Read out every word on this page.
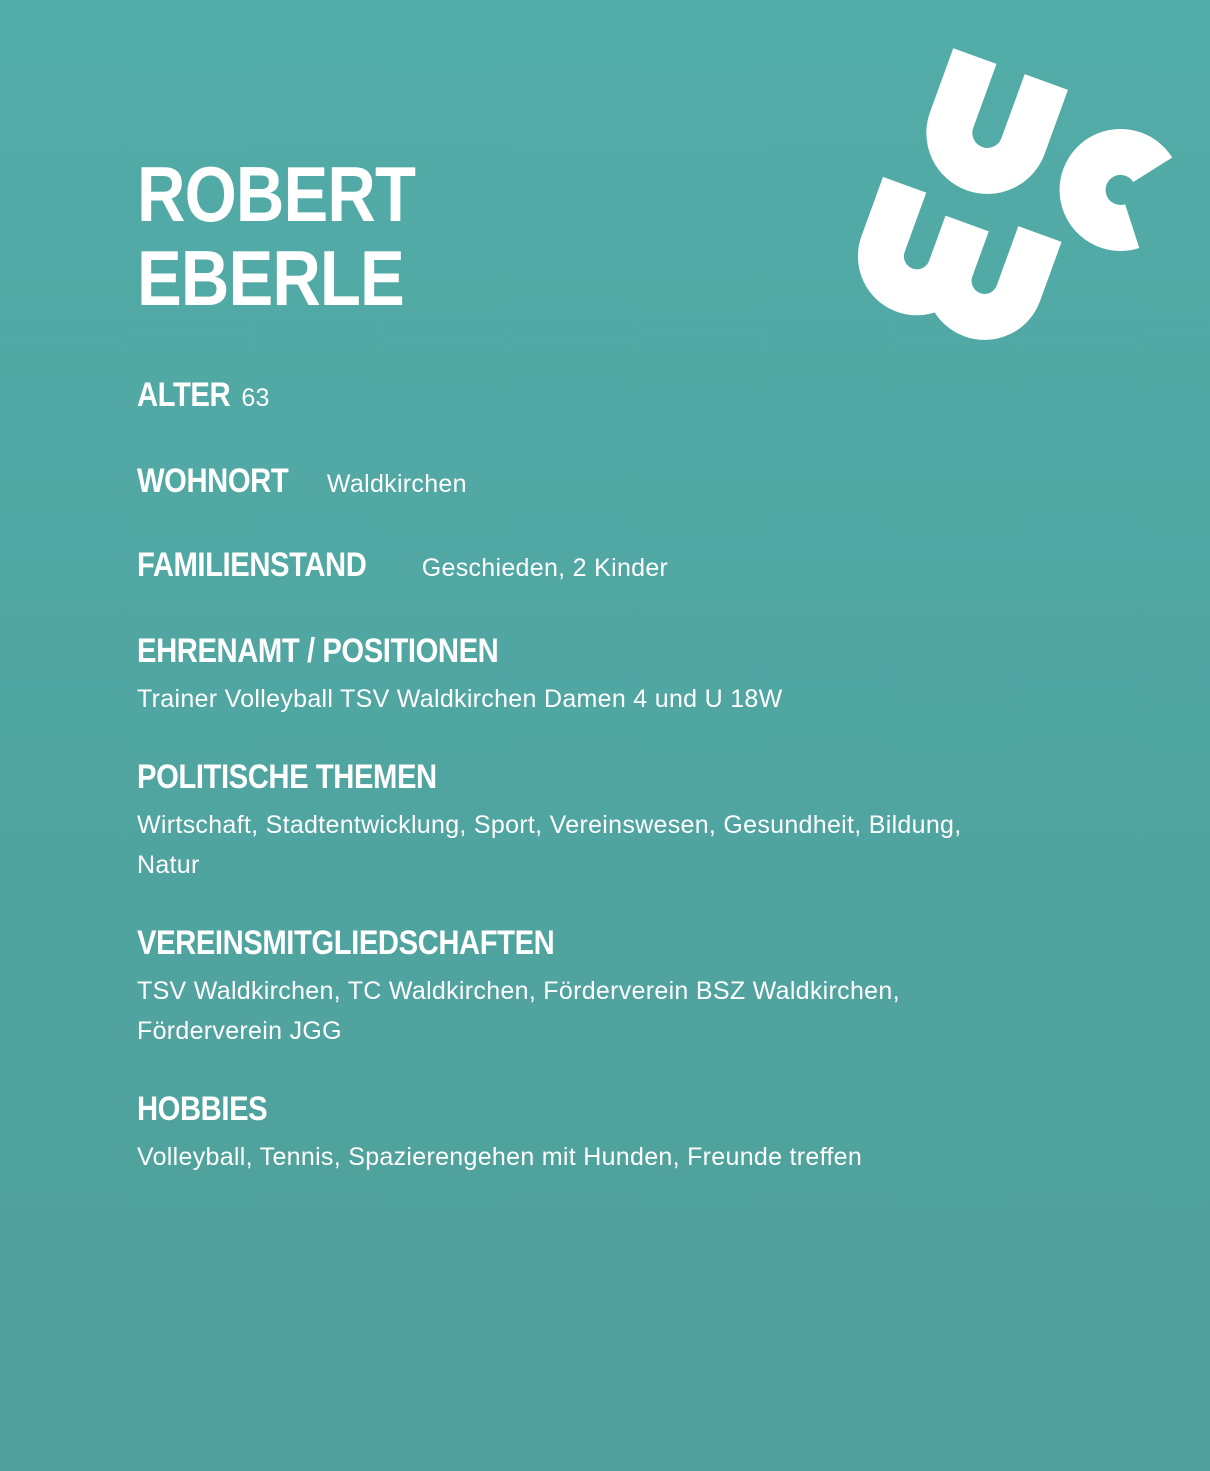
ROBERT
EBERLE
ALTER 63
WOHNORT Waldkirchen
FAMILIENSTAND Geschieden, 2 Kinder
EHRENAMT / POSITIONEN
Trainer Volleyball TSV Waldkirchen Damen 4 und U 18W
POLITISCHE THEMEN
Wirtschaft, Stadtentwicklung, Sport, Vereinswesen, Gesundheit, Bildung, Natur
VEREINSMITGLIEDSCHAFTEN
TSV Waldkirchen, TC Waldkirchen, Förderverein BSZ Waldkirchen, Förderverein JGG
HOBBIES
Volleyball, Tennis, Spazierengehen mit Hunden, Freunde treffen
